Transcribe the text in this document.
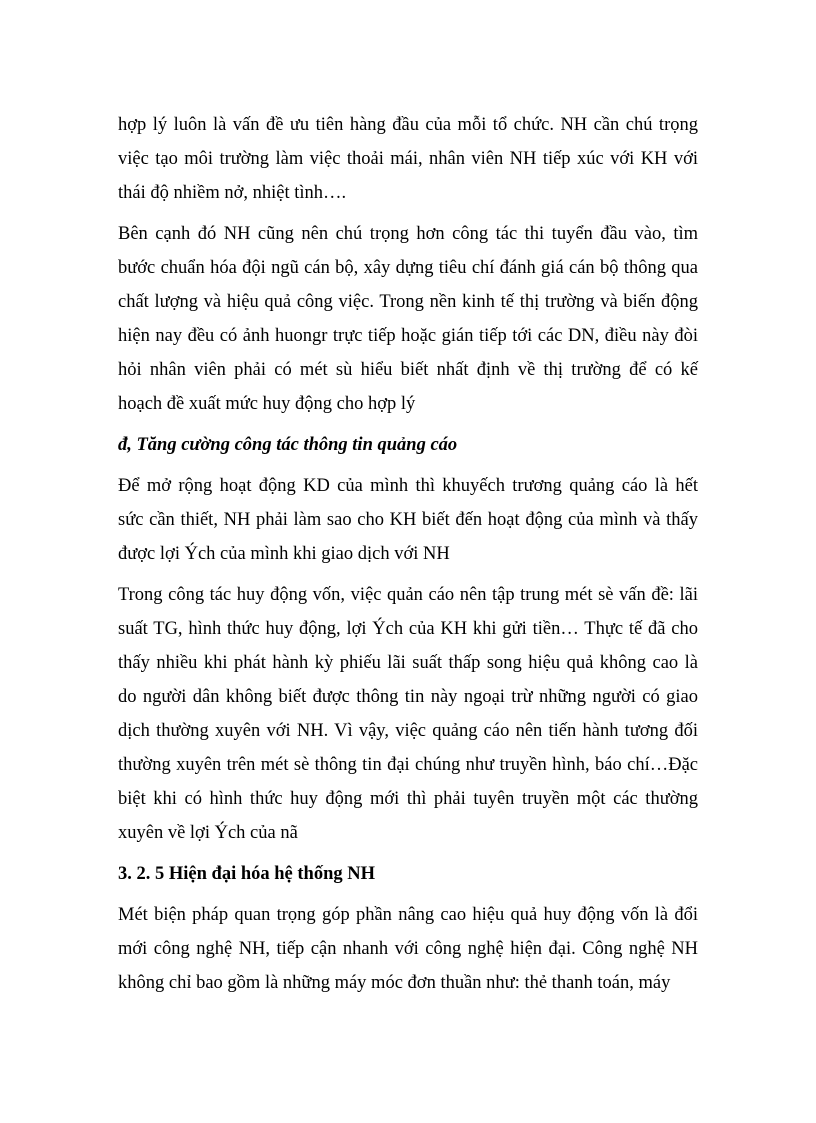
hợp lý luôn là vấn đề ưu tiên hàng đầu của mỗi tổ chức. NH cần chú trọng
việc tạo môi trường làm việc thoải mái, nhân viên NH tiếp xúc với KH với
thái độ nhiềm nở, nhiệt tình….
Bên cạnh đó NH cũng nên chú trọng hơn công tác thi tuyển đầu vào, tìm
bước chuẩn hóa đội ngũ cán bộ, xây dựng tiêu chí đánh giá cán bộ thông qua
chất lượng và hiệu quả công việc. Trong nền kinh tế thị trường và biến động
hiện nay đều có ảnh huongr trực tiếp hoặc gián tiếp tới các DN, điều này đòi
hỏi nhân viên phải có mét sù hiểu biết nhất định về thị trường để có kế
hoạch đề xuất mức huy động cho hợp lý
đ, Tăng cường công tác thông tin quảng cáo
Để mở rộng hoạt động KD của mình thì khuyếch trương quảng cáo là hết
sức cần thiết, NH phải làm sao cho KH biết đến hoạt động của mình và thấy
được lợi Ých của mình khi giao dịch với NH
Trong công tác huy động vốn, việc quản cáo nên tập trung mét sè vấn đề: lãi
suất TG, hình thức huy động, lợi Ých của KH khi gửi tiền… Thực tế đã cho
thấy nhiều khi phát hành kỳ phiếu lãi suất thấp song hiệu quả không cao là
do người dân không biết được thông tin này ngoại trừ những người có giao
dịch thường xuyên với NH. Vì vậy, việc quảng cáo nên tiến hành tương đối
thường xuyên trên mét sè thông tin đại chúng như truyền hình, báo chí…Đặc
biệt khi có hình thức huy động mới thì phải tuyên truyền một các thường
xuyên về lợi Ých của nã
3. 2. 5 Hiện đại hóa hệ thống NH
Mét biện pháp quan trọng góp phần nâng cao hiệu quả huy động vốn là đổi
mới công nghệ NH, tiếp cận nhanh với công nghệ hiện đại. Công nghệ NH
không chỉ bao gồm là những máy móc đơn thuần như: thẻ thanh toán, máy
